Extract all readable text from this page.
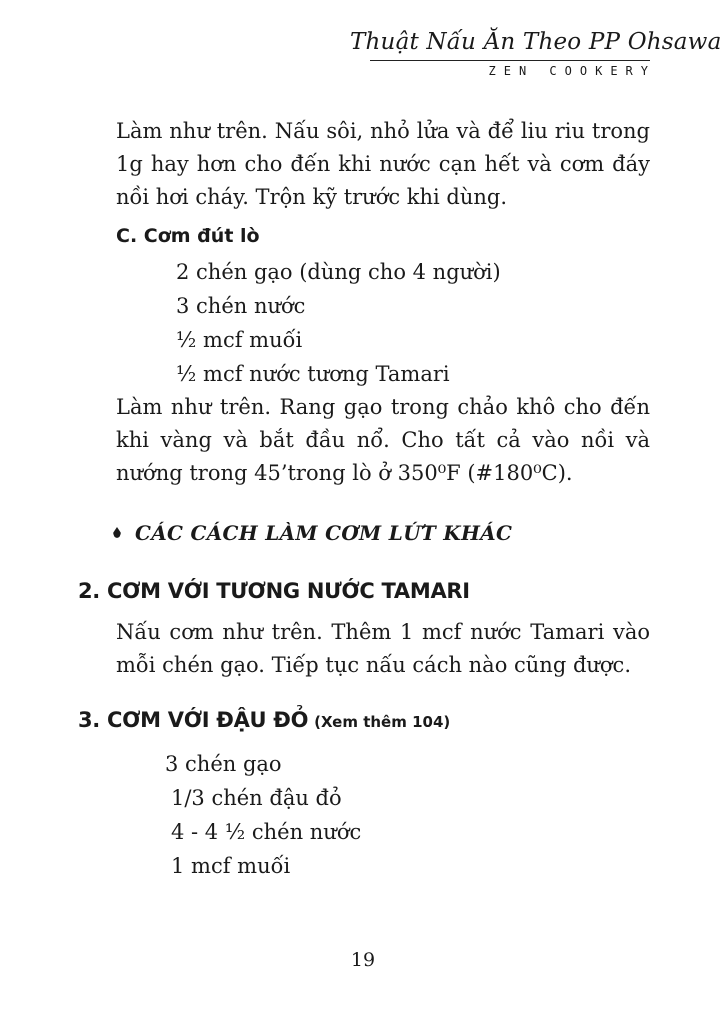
Thuật Nấu Ăn Theo PP Ohsawa
ZEN COOKERY

Làm như trên. Nấu sôi, nhỏ lửa và để liu riu trong 1g hay hơn cho đến khi nước cạn hết và cơm đáy nồi hơi cháy. Trộn kỹ trước khi dùng.

C. Cơm đút lò
2 chén gạo (dùng cho 4 người)
3 chén nước
½ mcf muối
½ mcf nước tương Tamari

Làm như trên. Rang gạo trong chảo khô cho đến khi vàng và bắt đầu nổ. Cho tất cả vào nồi và nướng trong 45’trong lò ở 350⁰F (#180⁰C).

CÁC CÁCH LÀM CƠM LỨT KHÁC
2. CƠM VỚI TƯƠNG NƯỚC TAMARI

Nấu cơm như trên. Thêm 1 mcf nước Tamari vào mỗi chén gạo. Tiếp tục nấu cách nào cũng được.

3. CƠM VỚI ĐẬU ĐỎ (Xem thêm 104)
3 chén gạo
1/3 chén đậu đỏ
4 - 4 ½ chén nước
1 mcf muối
19
